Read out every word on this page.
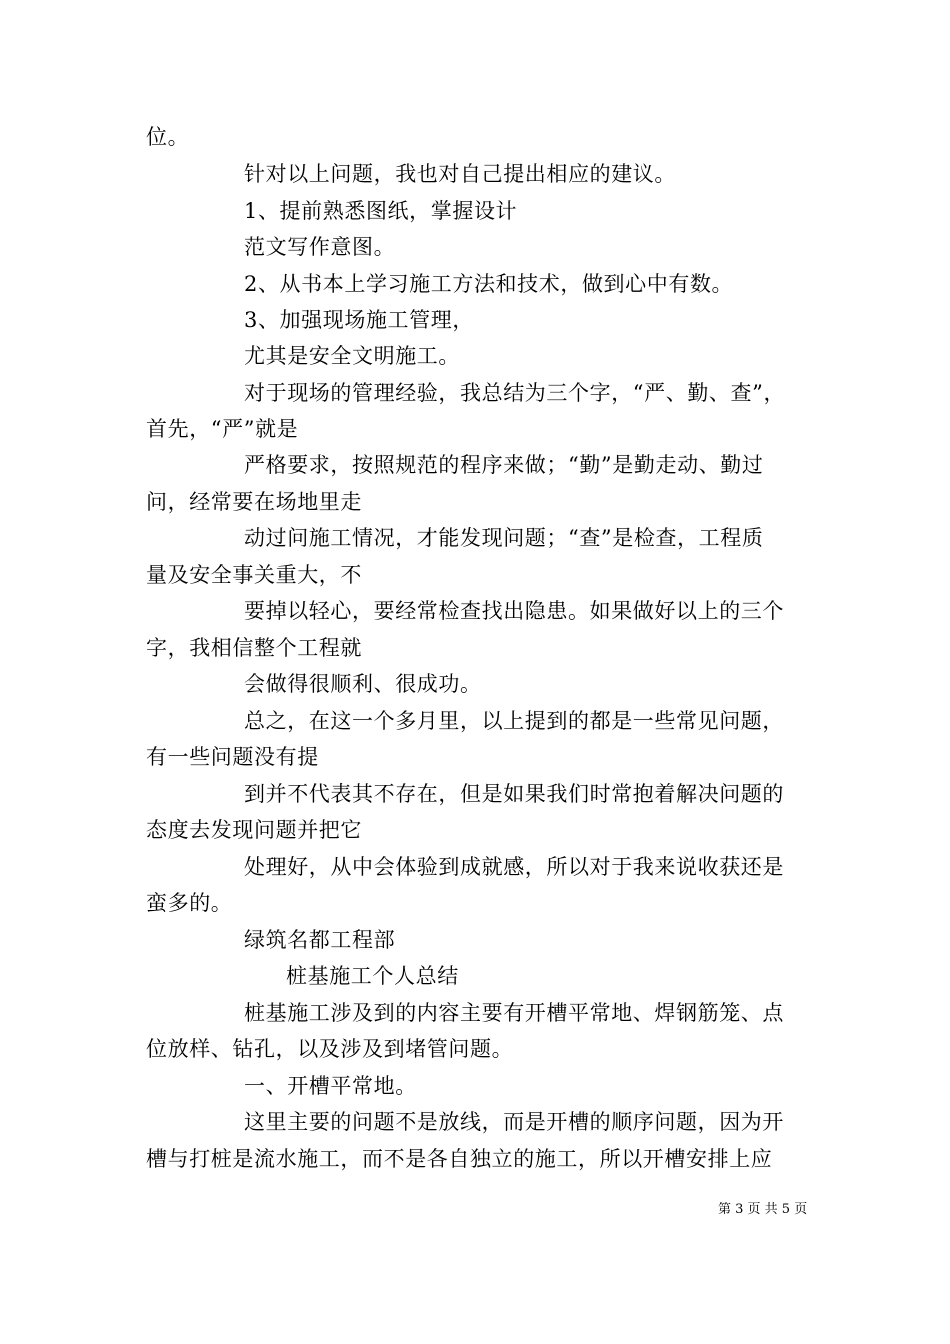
位。
针对以上问题，我也对自己提出相应的建议。
1、提前熟悉图纸，掌握设计
范文写作意图。
2、从书本上学习施工方法和技术，做到心中有数。
3、加强现场施工管理，
尤其是安全文明施工。
对于现场的管理经验，我总结为三个字，“严、勤、查”，
首先，“严”就是
严格要求，按照规范的程序来做；“勤”是勤走动、勤过
问，经常要在场地里走
动过问施工情况，才能发现问题；“查”是检查，工程质
量及安全事关重大，不
要掉以轻心，要经常检查找出隐患。如果做好以上的三个
字，我相信整个工程就
会做得很顺利、很成功。
总之，在这一个多月里，以上提到的都是一些常见问题，
有一些问题没有提
到并不代表其不存在，但是如果我们时常抱着解决问题的
态度去发现问题并把它
处理好，从中会体验到成就感，所以对于我来说收获还是
蛮多的。
绿筑名都工程部
桩基施工个人总结
桩基施工涉及到的内容主要有开槽平常地、焊钢筋笼、点
位放样、钻孔，以及涉及到堵管问题。
一、开槽平常地。
这里主要的问题不是放线，而是开槽的顺序问题，因为开
槽与打桩是流水施工，而不是各自独立的施工，所以开槽安排上应
第 3 页 共 5 页
